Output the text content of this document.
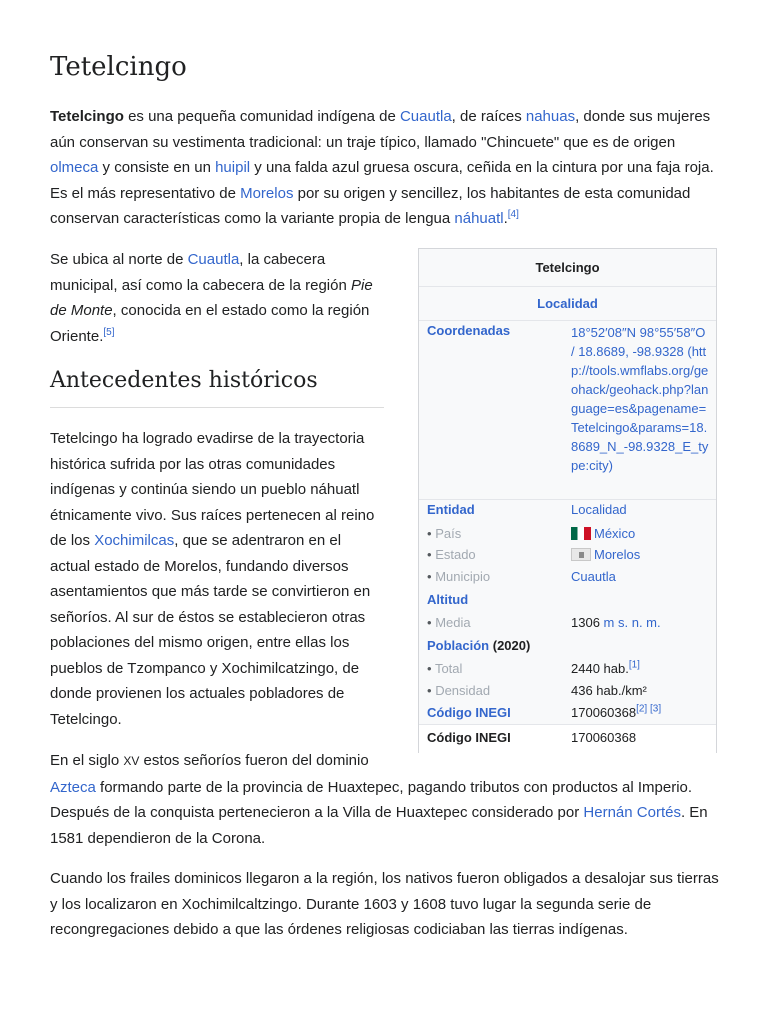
Tetelcingo

Tetelcingo es una pequeña comunidad indígena de Cuautla, de raíces nahuas, donde sus mujeres aún conservan su vestimenta tradicional: un traje típico, llamado "Chincuete" que es de origen olmeca y consiste en un huipil y una falda azul gruesa oscura, ceñida en la cintura por una faja roja. Es el más representativo de Morelos por su origen y sencillez, los habitantes de esta comunidad conservan características como la variante propia de lengua náhuatl.[4]

Se ubica al norte de Cuautla, la cabecera municipal, así como la cabecera de la región Pie de Monte, conocida en el estado como la región Oriente.[5]

Antecedentes históricos

Tetelcingo ha logrado evadirse de la trayectoria histórica sufrida por las otras comunidades indígenas y continúa siendo un pueblo náhuatl étnicamente vivo. Sus raíces pertenecen al reino de los Xochimilcas, que se adentraron en el actual estado de Morelos, fundando diversos asentamientos que más tarde se convirtieron en señoríos. Al sur de éstos se establecieron otras poblaciones del mismo origen, entre ellas los pueblos de Tzompanco y Xochimilcatzingo, de donde provienen los actuales pobladores de Tetelcingo.

En el siglo XV estos señoríos fueron del dominio
Azteca formando parte de la provincia de Huaxtepec, pagando tributos con productos al Imperio. Después de la conquista pertenecieron a la Villa de Huaxtepec considerado por Hernán Cortés. En 1581 dependieron de la Corona.

Cuando los frailes dominicos llegaron a la región, los nativos fueron obligados a desalojar sus tierras y los localizaron en Xochimilcaltzingo. Durante 1603 y 1608 tuvo lugar la segunda serie de recongregaciones debido a que las órdenes religiosas codiciaban las tierras indígenas.

Tetelcingo
Localidad
Coordenadas	18°52′08″N 98°55′58″O / 18.8689, -98.9328 (http://tools.wmflabs.org/geohack/geohack.php?language=es&pagename=Tetelcingo&params=18.8689_N_-98.9328_E_type:city)
Entidad	Localidad
• País	México
• Estado	Morelos
• Municipio	Cuautla
Altitud
• Media	1306 m s. n. m.
Población (2020)
• Total	2440 hab.[1]
• Densidad	436 hab./km²
Código INEGI	170060368[2] [3]
Código INEGI	170060368
